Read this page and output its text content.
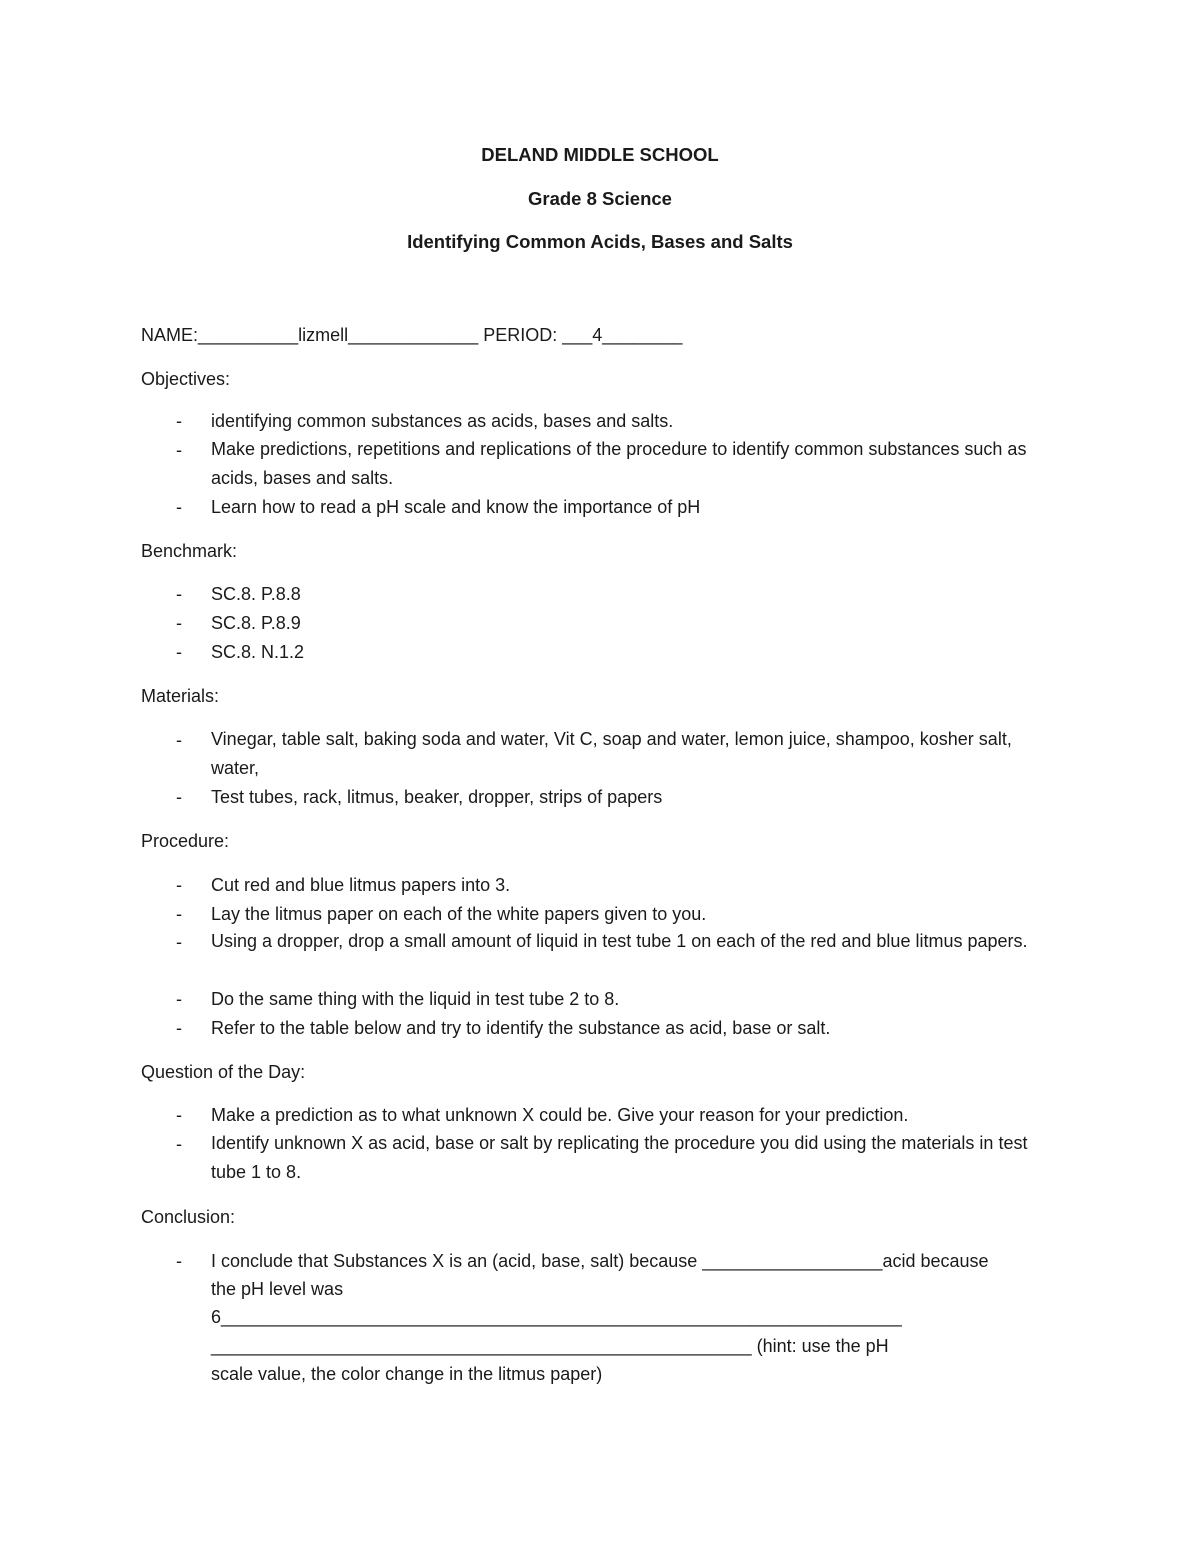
DELAND MIDDLE SCHOOL
Grade 8 Science
Identifying Common Acids, Bases and Salts
NAME:__________lizmell_____________ PERIOD: ___4________
Objectives:
- identifying common substances as acids, bases and salts.
- Make predictions, repetitions and replications of the procedure to identify common substances such as acids, bases and salts.
- Learn how to read a pH scale and know the importance of pH
Benchmark:
- SC.8. P.8.8
- SC.8. P.8.9
- SC.8. N.1.2
Materials:
- Vinegar, table salt, baking soda and water, Vit C, soap and water, lemon juice, shampoo, kosher salt, water,
- Test tubes, rack, litmus, beaker, dropper, strips of papers
Procedure:
- Cut red and blue litmus papers into 3.
- Lay the litmus paper on each of the white papers given to you.
- Using a dropper, drop a small amount of liquid in test tube 1 on each of the red and blue litmus papers.
- Do the same thing with the liquid in test tube 2 to 8.
- Refer to the table below and try to identify the substance as acid, base or salt.
Question of the Day:
- Make a prediction as to what unknown X could be. Give your reason for your prediction.
- Identify unknown X as acid, base or salt by replicating the procedure you did using the materials in test tube 1 to 8.
Conclusion:
- I conclude that Substances X is an (acid, base, salt) because __________________acid because
the pH level was
6____________________________________________________________________
______________________________________________________ (hint: use the pH
scale value, the color change in the litmus paper)
